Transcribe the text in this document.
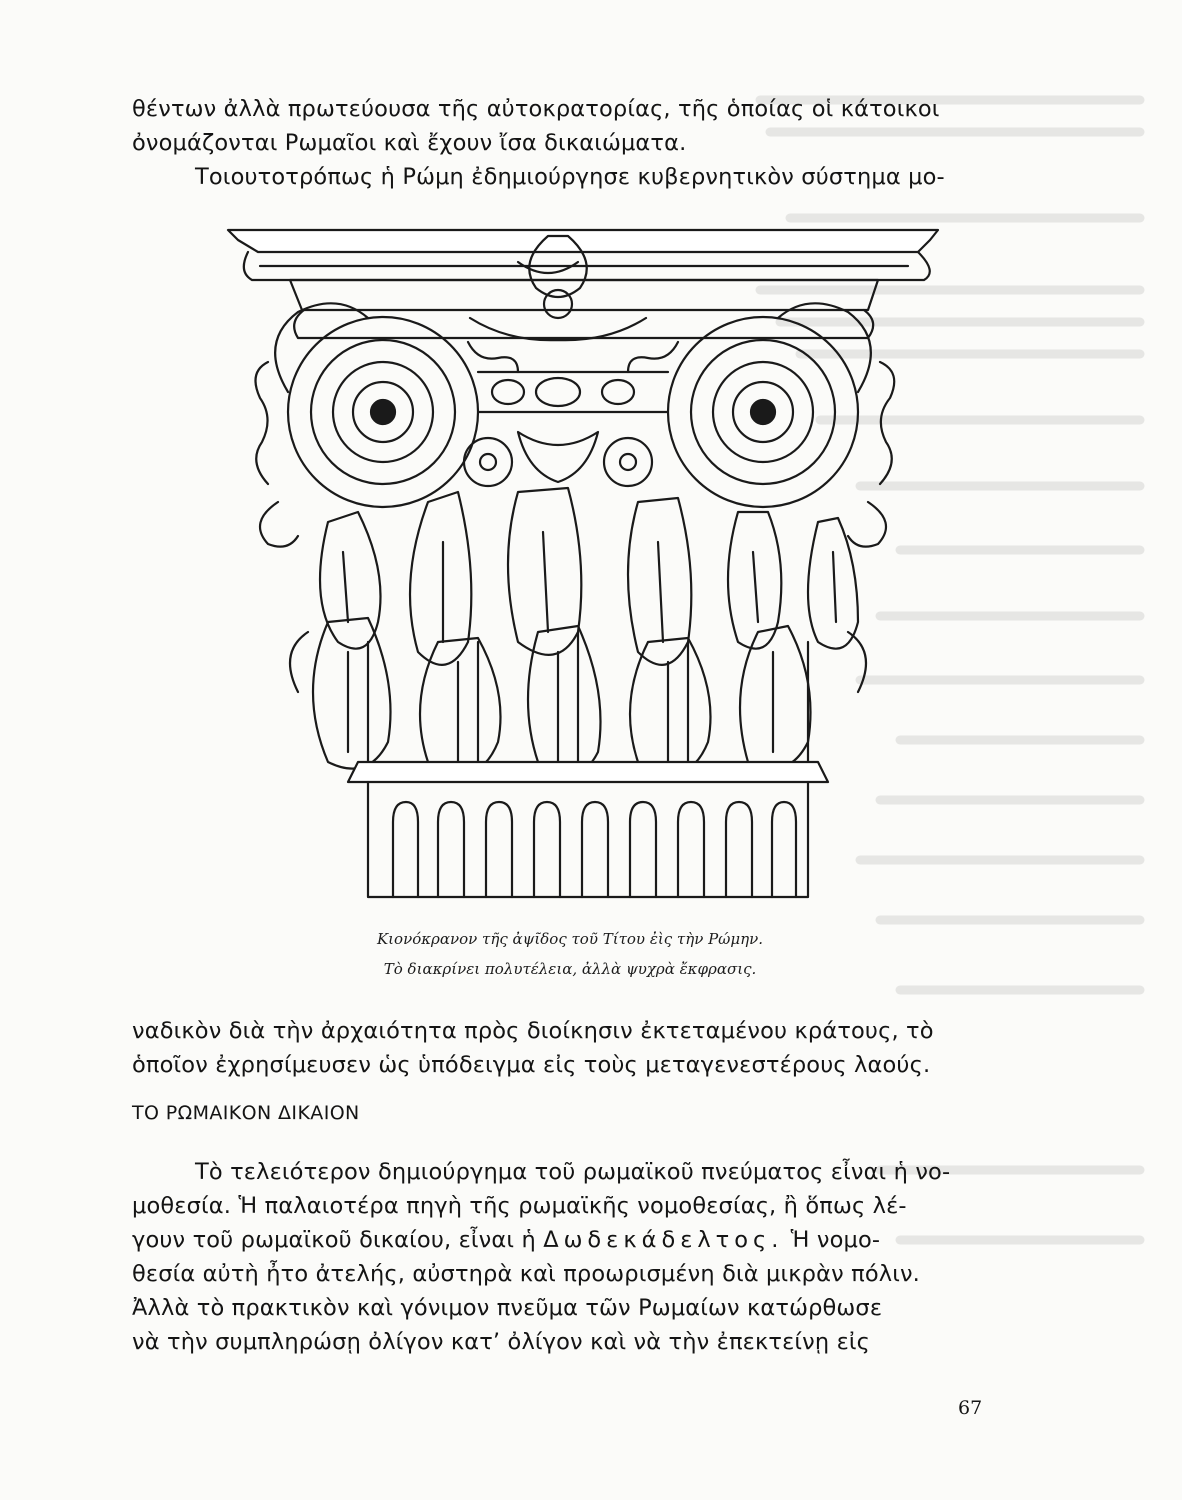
θέντων ἀλλὰ πρωτεύουσα τῆς αὐτοκρατορίας, τῆς ὁποίας οἱ κάτοικοι
ὀνομάζονται Ρωμαῖοι καὶ ἔχουν ἴσα δικαιώματα.
Τοιουτοτρόπως ἡ Ρώμη ἐδημιούργησε κυβερνητικὸν σύστημα μο-
Κιονόκρανον τῆς ἀψῖδος τοῦ Τίτου ἐὶς τὴν Ρώμην.
Τὸ διακρίνει πολυτέλεια, ἀλλὰ ψυχρὰ ἔκφρασις.
ναδικὸν διὰ τὴν ἀρχαιότητα πρὸς διοίκησιν ἐκτεταμένου κράτους, τὸ
ὁποῖον ἐχρησίμευσεν ὡς ὑπόδειγμα εἰς τοὺς μεταγενεστέρους λαούς.
ΤΟ ΡΩΜΑΙΚΟΝ ΔΙΚΑΙΟΝ
Τὸ τελειότερον δημιούργημα τοῦ ρωμαϊκοῦ πνεύματος εἶναι ἡ νο-
μοθεσία. Ἡ παλαιοτέρα πηγὴ τῆς ρωμαϊκῆς νομοθεσίας, ἢ ὅπως λέ-
γουν τοῦ ρωμαϊκοῦ δικαίου, εἶναι ἡ Δωδεκάδελτος. Ἡ νομο-
θεσία αὐτὴ ἦτο ἀτελής, αὐστηρὰ καὶ προωρισμένη διὰ μικρὰν πόλιν.
Ἀλλὰ τὸ πρακτικὸν καὶ γόνιμον πνεῦμα τῶν Ρωμαίων κατώρθωσε
νὰ τὴν συμπληρώσῃ ὀλίγον κατ’ ὀλίγον καὶ νὰ τὴν ἐπεκτείνῃ εἰς
67
